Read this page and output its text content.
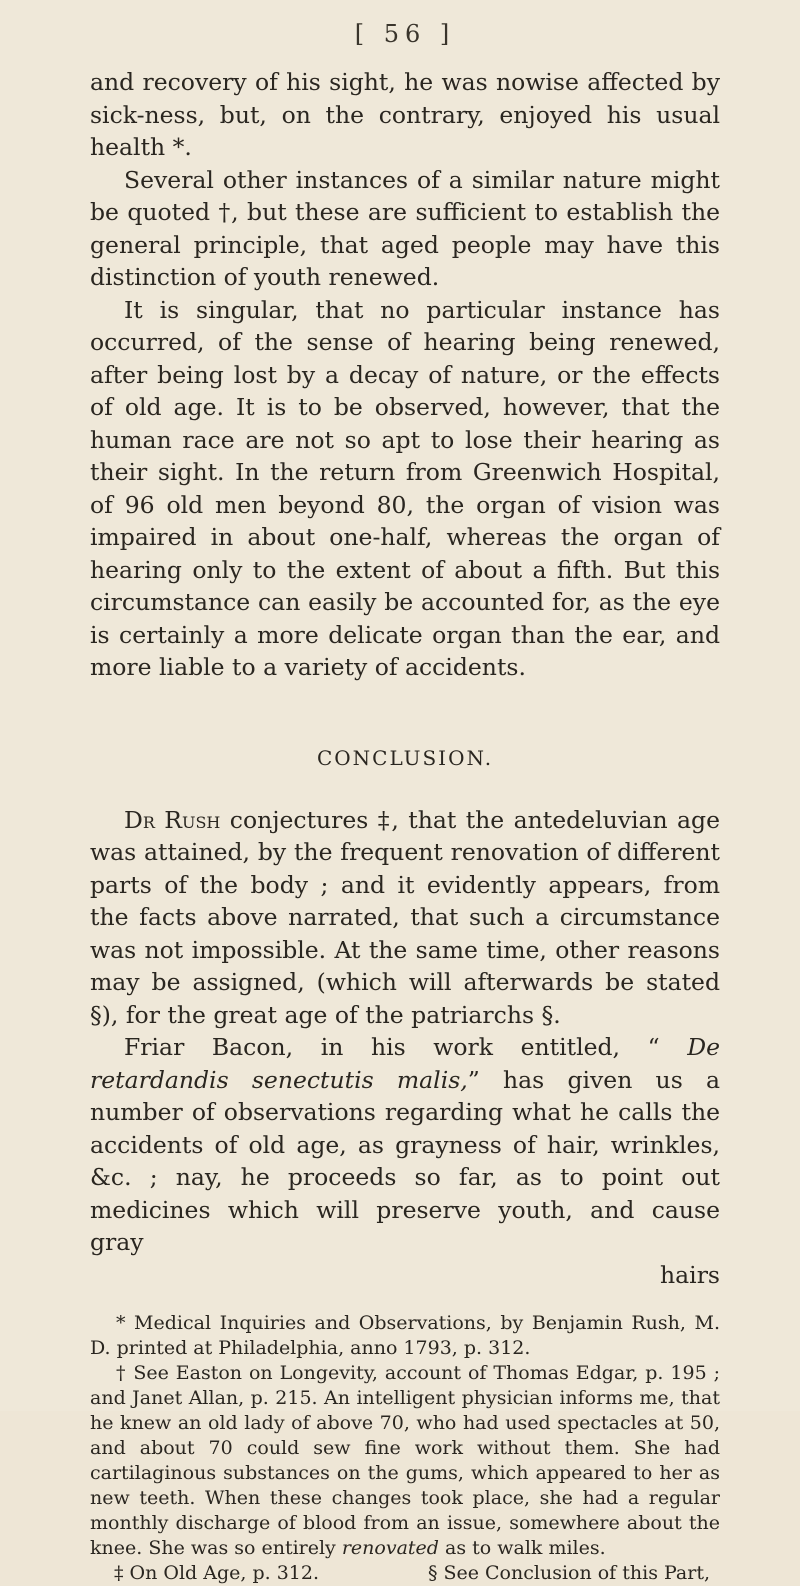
[ 56 ]

and recovery of his sight, he was nowise affected by sick-ness, but, on the contrary, enjoyed his usual health *.

Several other instances of a similar nature might be quoted †, but these are sufficient to establish the general principle, that aged people may have this distinction of youth renewed.

It is singular, that no particular instance has occurred, of the sense of hearing being renewed, after being lost by a decay of nature, or the effects of old age. It is to be observed, however, that the human race are not so apt to lose their hearing as their sight. In the return from Greenwich Hospital, of 96 old men beyond 80, the organ of vision was impaired in about one-half, whereas the organ of hearing only to the extent of about a fifth. But this circumstance can easily be accounted for, as the eye is certainly a more delicate organ than the ear, and more liable to a variety of accidents.

CONCLUSION.

Dr Rush conjectures ‡, that the antedeluvian age was attained, by the frequent renovation of different parts of the body ; and it evidently appears, from the facts above narrated, that such a circumstance was not impossible. At the same time, other reasons may be assigned, (which will afterwards be stated §), for the great age of the patriarchs §.

Friar Bacon, in his work entitled, “ De retardandis senectutis malis,” has given us a number of observations regarding what he calls the accidents of old age, as grayness of hair, wrinkles, &c. ; nay, he proceeds so far, as to point out medicines which will preserve youth, and cause gray

hairs

* Medical Inquiries and Observations, by Benjamin Rush, M. D. printed at Philadelphia, anno 1793, p. 312.

† See Easton on Longevity, account of Thomas Edgar, p. 195 ; and Janet Allan, p. 215. An intelligent physician informs me, that he knew an old lady of above 70, who had used spectacles at 50, and about 70 could sew fine work without them. She had cartilaginous substances on the gums, which appeared to her as new teeth. When these changes took place, she had a regular monthly discharge of blood from an issue, somewhere about the knee. She was so entirely renovated as to walk miles.

‡ On Old Age, p. 312.	§ See Conclusion of this Part,
